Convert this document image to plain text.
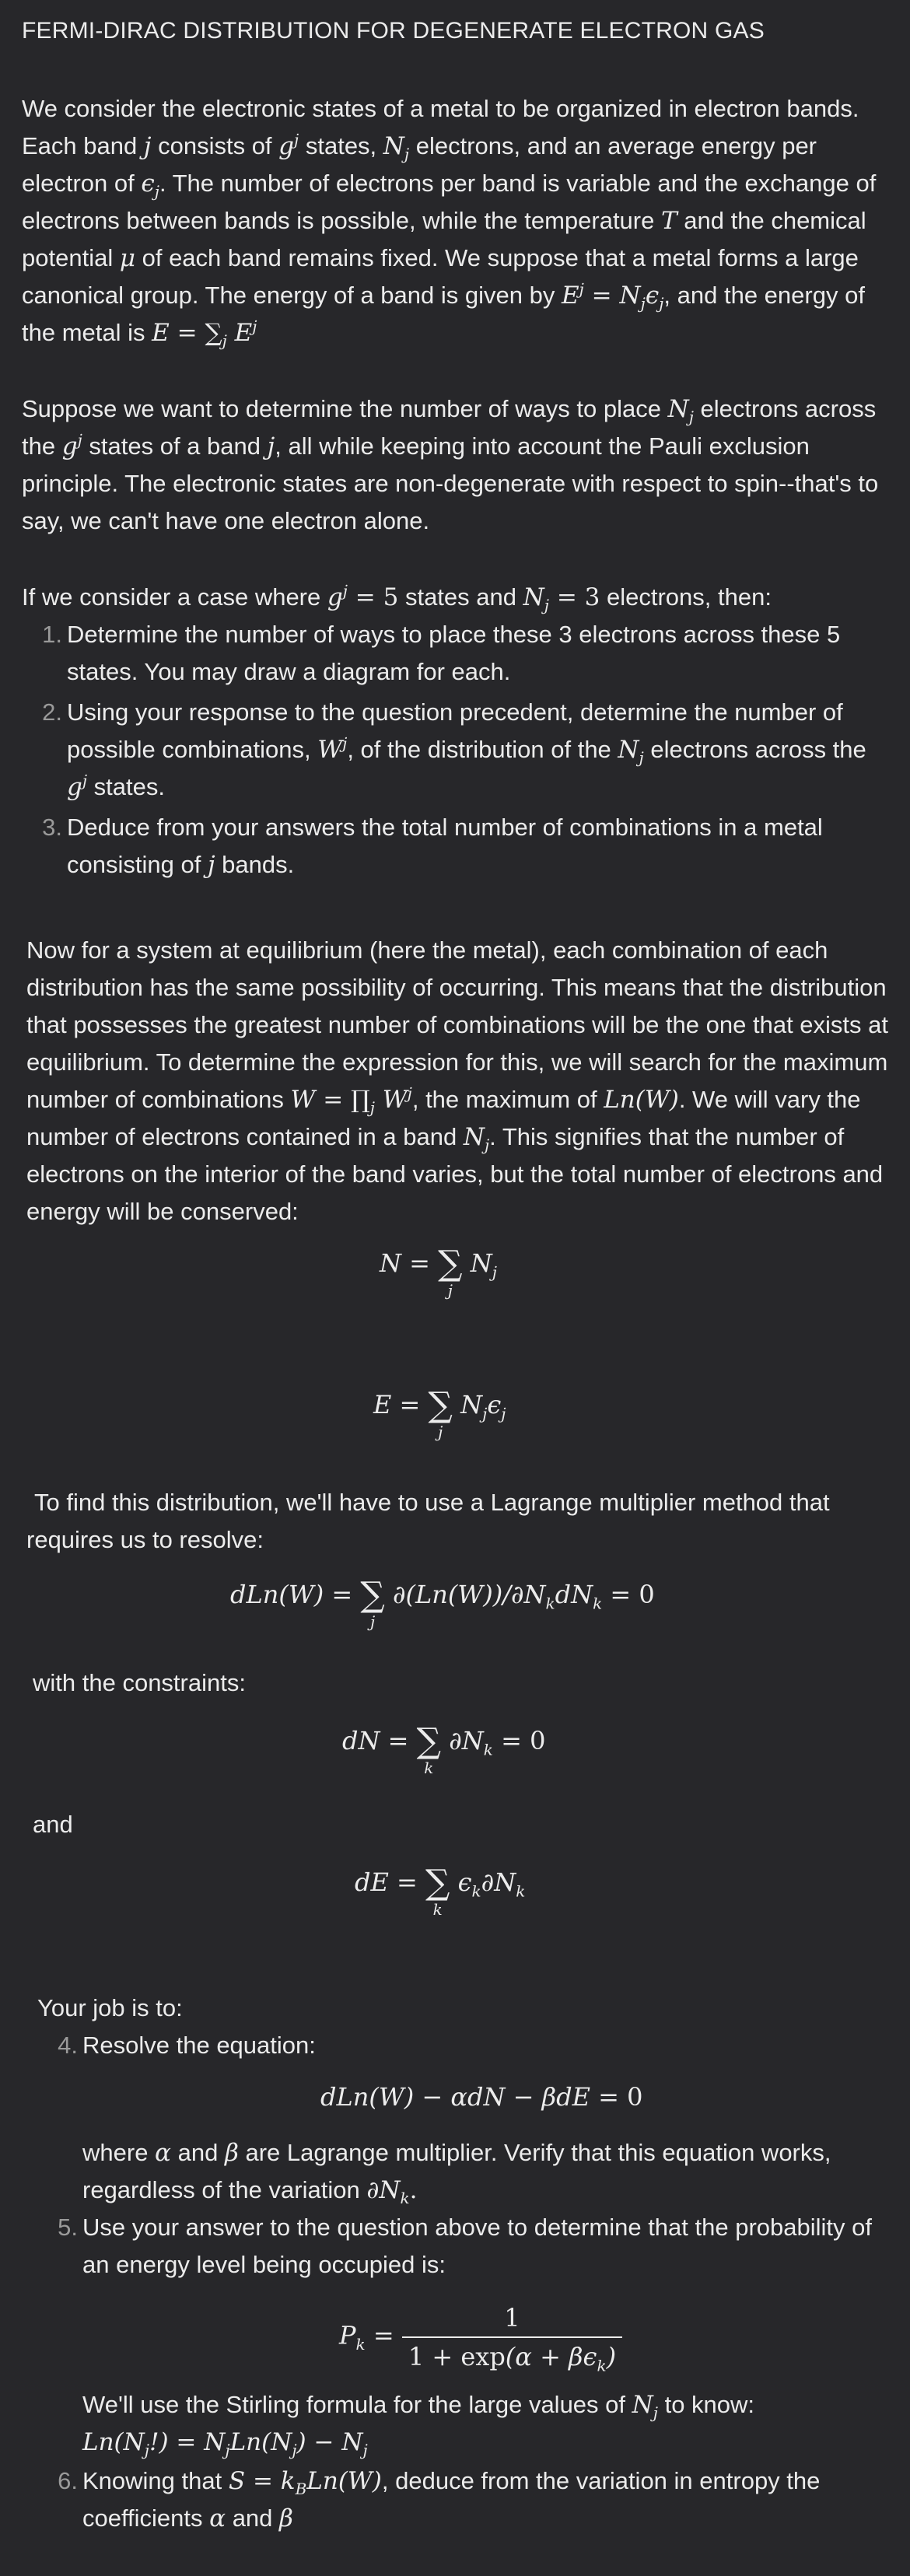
FERMI-DIRAC DISTRIBUTION FOR DEGENERATE ELECTRON GAS

We consider the electronic states of a metal to be organized in electron bands. Each band j consists of $g^j$ states, $N_j$ electrons, and an average energy per electron of $\epsilon_j$. The number of electrons per band is variable and the exchange of electrons between bands is possible, while the temperature T and the chemical potential μ of each band remains fixed. We suppose that a metal forms a large canonical group. The energy of a band is given by $E^j = N_j\epsilon_j$, and the energy of the metal is $E = \sum_j$ $E^j$

Suppose we want to determine the number of ways to place $N_j$ electrons across the $g^j$ states of a band j, all while keeping into account the Pauli exclusion principle. The electronic states are non-degenerate with respect to spin--that's to say, we can't have one electron alone.

If we consider a case where $g^j = 5$ states and $N_j = 3$ electrons, then:

1. Determine the number of ways to place these 3 electrons across these 5 states. You may draw a diagram for each.
2. Using your response to the question precedent, determine the number of possible combinations, $W^j$, of the distribution of the $N_j$ electrons across the $g^j$ states.
3. Deduce from your answers the total number of combinations in a metal consisting of j bands.

Now for a system at equilibrium (here the metal), each combination of each distribution has the same possibility of occurring. This means that the distribution that possesses the greatest number of combinations will be the one that exists at equilibrium. To determine the expression for this, we will search for the maximum number of combinations $W = \prod_j$ $W^j$, the maximum of Ln(W). We will vary the number of electrons contained in a band $N_j$. This signifies that the number of electrons on the interior of the band varies, but the total number of electrons and energy will be conserved:

N = ∑
j
$N_j$
E = ∑
j
$N_j\epsilon_j$

To find this distribution, we'll have to use a Lagrange multiplier method that requires us to resolve:

dLn(W) = ∑
j
$\partial(Ln(W))/\partial N_kdN_k = 0$

with the constraints:

dN = ∑
k
$\partial N_k = 0$

and

dE = ∑
k
$\epsilon_k\partial N_k$

Your job is to:

4. Resolve the equation:
dLn(W) − αdN − βdE = 0

where α and β are Lagrange multiplier. Verify that this equation works, regardless of the variation $\partial N_k$.

5. Use your answer to the question above to determine that the probability of an energy level being occupied is:
$P_k = \frac{1}{1 + \exp(\alpha + \beta\epsilon_k)}$

We'll use the Stirling formula for the large values of $N_j$ to know:
$Ln(N_j!) = N_jLn(N_j) - N_j$

6. Knowing that $S = k_BLn(W)$, deduce from the variation in entropy the coefficients α and β
